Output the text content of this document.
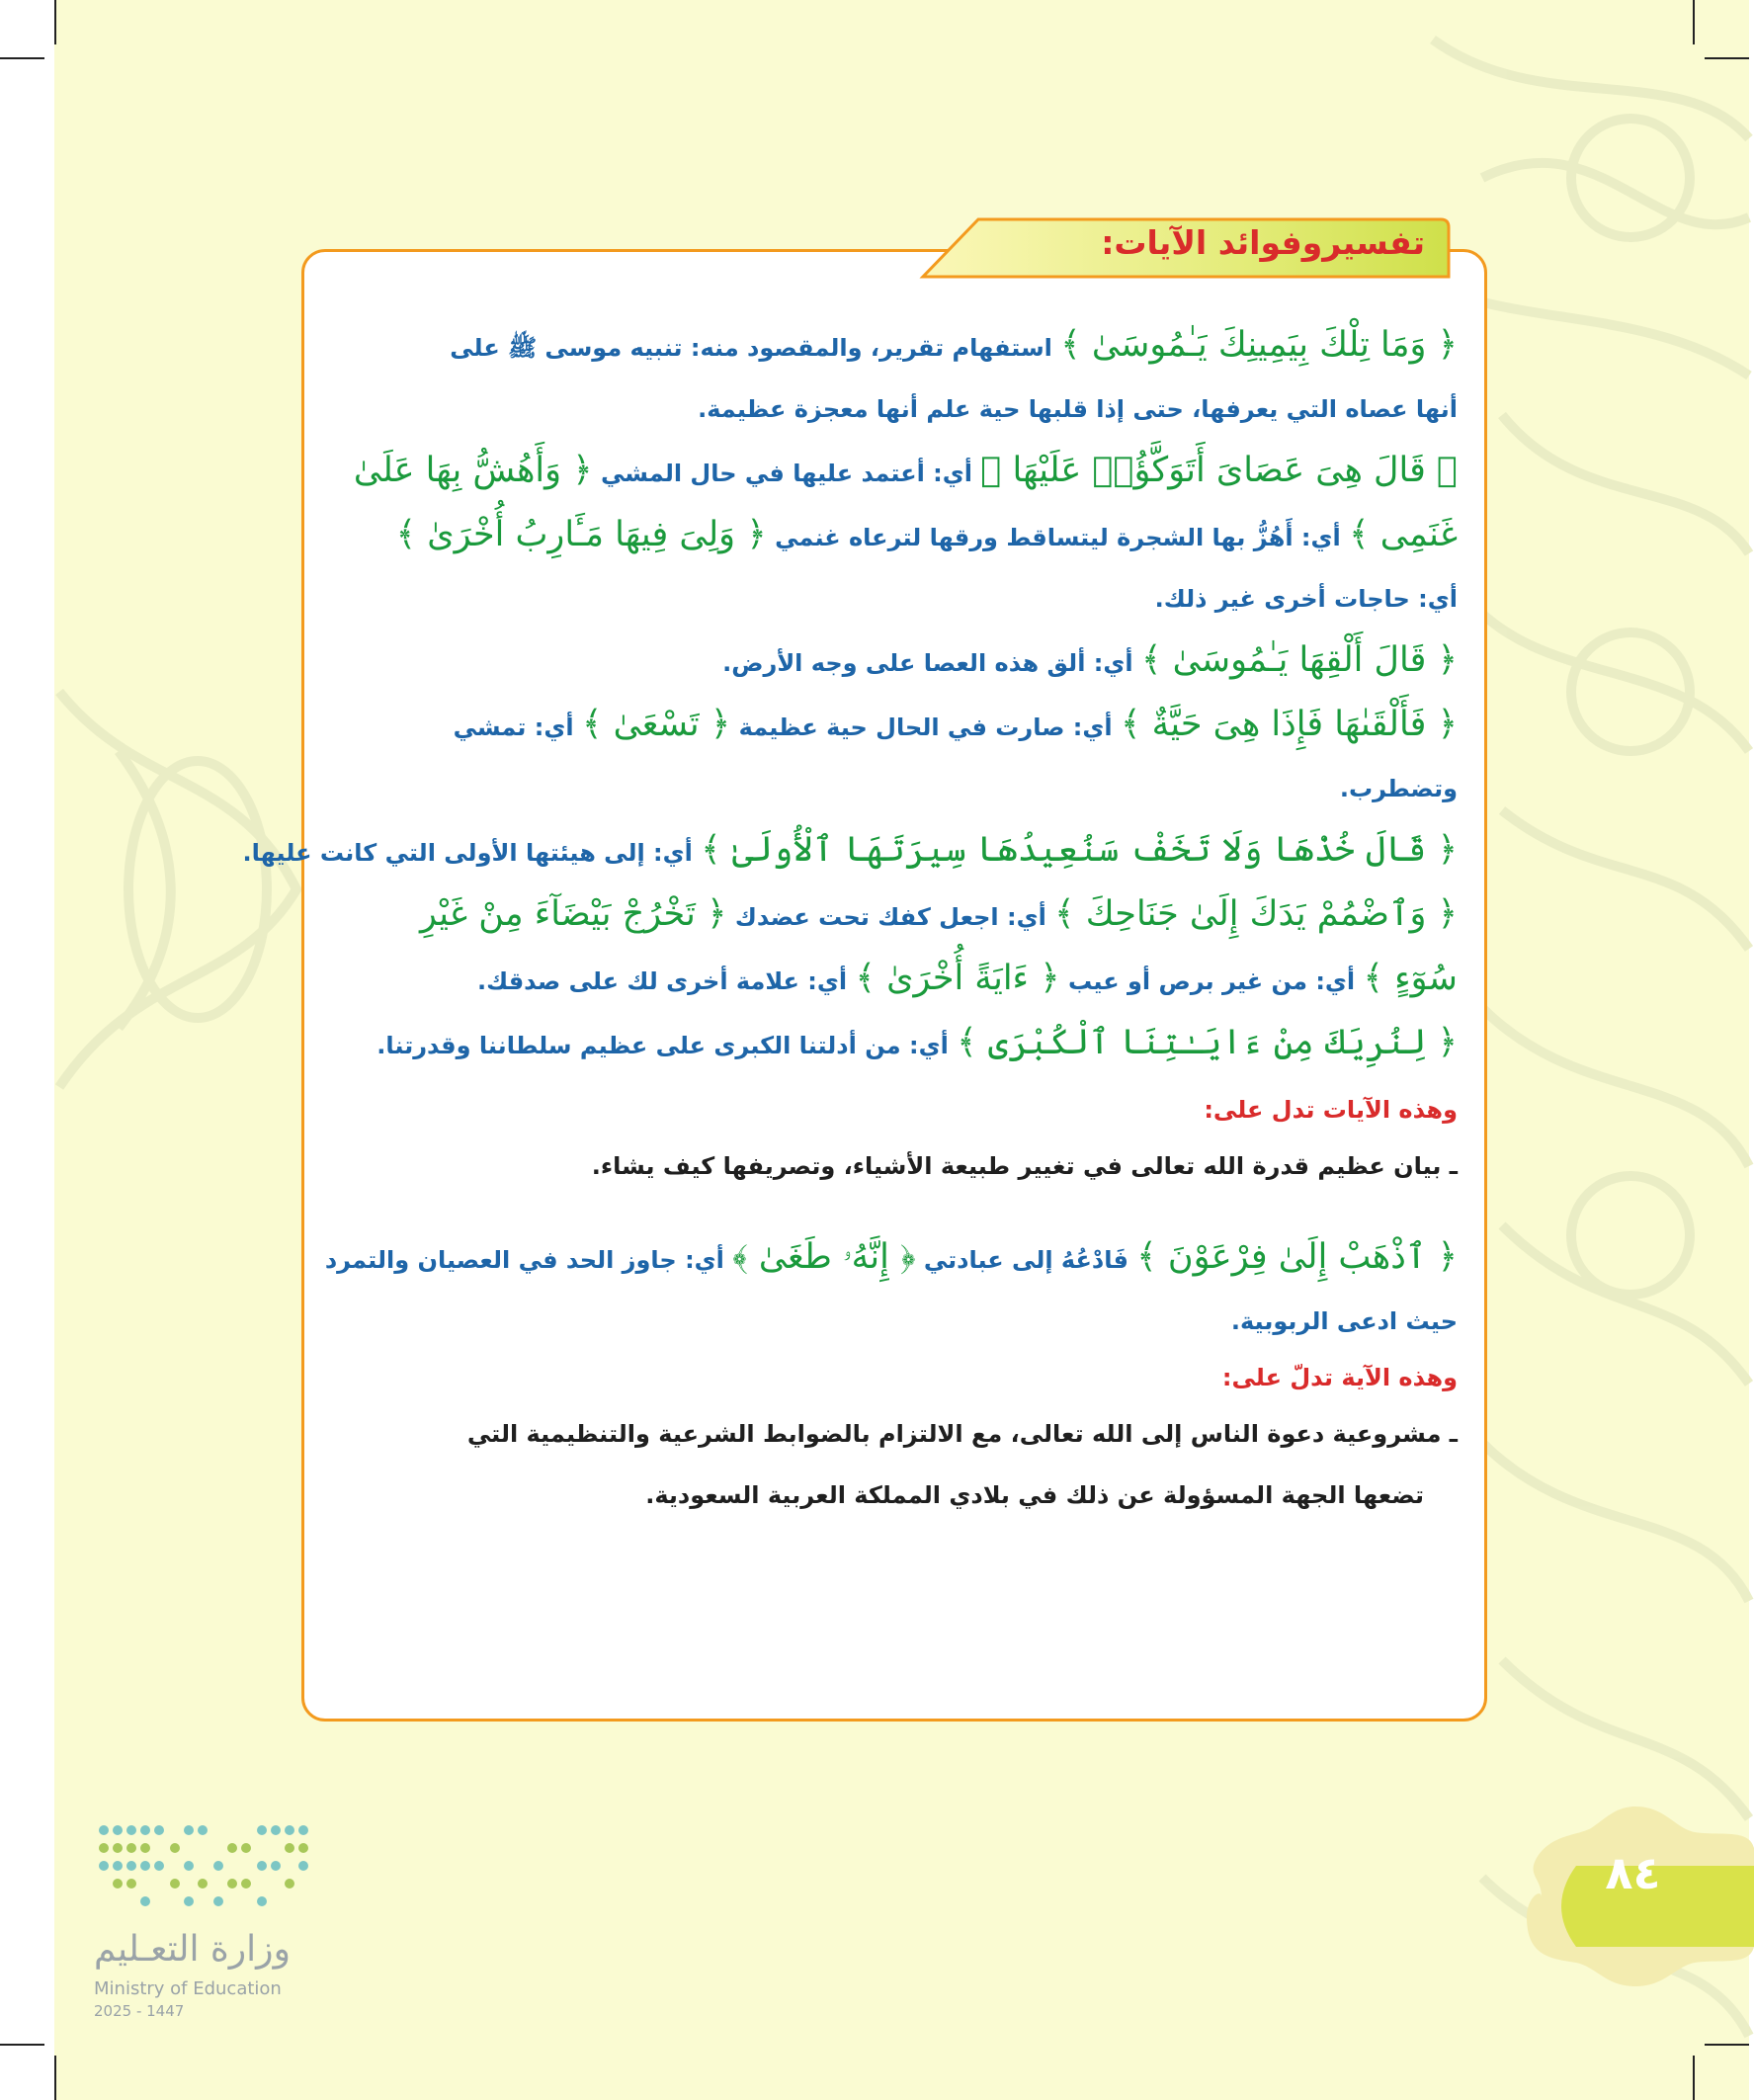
تفسيروفوائد الآيات:
﴿ وَمَا تِلْكَ بِيَمِينِكَ يَـٰمُوسَىٰ ﴾ استفهام تقرير، والمقصود منه: تنبيه موسى ﷺ على
أنها عصاه التي يعرفها، حتى إذا قلبها حية علم أنها معجزة عظيمة.
﴿ قَالَ هِىَ عَصَاىَ أَتَوَكَّؤُا۟ عَلَيْهَا ﴾ أي: أعتمد عليها في حال المشي ﴿ وَأَهُشُّ بِهَا عَلَىٰ
غَنَمِى ﴾ أي: أَهُزُّ بها الشجرة ليتساقط ورقها لترعاه غنمي ﴿ وَلِىَ فِيهَا مَـَٔارِبُ أُخْرَىٰ ﴾
أي: حاجات أخرى غير ذلك.
﴿ قَالَ أَلْقِهَا يَـٰمُوسَىٰ ﴾ أي: ألق هذه العصا على وجه الأرض.
﴿ فَأَلْقَىٰهَا فَإِذَا هِىَ حَيَّةٌ ﴾ أي: صارت في الحال حية عظيمة ﴿ تَسْعَىٰ ﴾ أي: تمشي
وتضطرب.
﴿ قَالَ خُذْهَا وَلَا تَخَفْ سَنُعِيدُهَا سِيرَتَهَا ٱلْأُولَىٰ ﴾ أي: إلى هيئتها الأولى التي كانت عليها.
﴿ وَٱضْمُمْ يَدَكَ إِلَىٰ جَنَاحِكَ ﴾ أي: اجعل كفك تحت عضدك ﴿ تَخْرُجْ بَيْضَآءَ مِنْ غَيْرِ
سُوٓءٍ ﴾ أي: من غير برص أو عيب ﴿ ءَايَةً أُخْرَىٰ ﴾ أي: علامة أخرى لك على صدقك.
﴿ لِنُرِيَكَ مِنْ ءَايَـٰتِنَا ٱلْكُبْرَى ﴾ أي: من أدلتنا الكبرى على عظيم سلطاننا وقدرتنا.
وهذه الآيات تدل على:
ـ بيان عظيم قدرة الله تعالى في تغيير طبيعة الأشياء، وتصريفها كيف يشاء.
﴿ ٱذْهَبْ إِلَىٰ فِرْعَوْنَ ﴾ فَادْعُهُ إلى عبادتي ﴿ إِنَّهُۥ طَغَىٰ ﴾ أي: جاوز الحد في العصيان والتمرد
حيث ادعى الربوبية.
وهذه الآية تدلّ على:
ـ مشروعية دعوة الناس إلى الله تعالى، مع الالتزام بالضوابط الشرعية والتنظيمية التي
تضعها الجهة المسؤولة عن ذلك في بلادي المملكة العربية السعودية.
٨٤
وزارة التعـليم
Ministry of Education
2025 - 1447
